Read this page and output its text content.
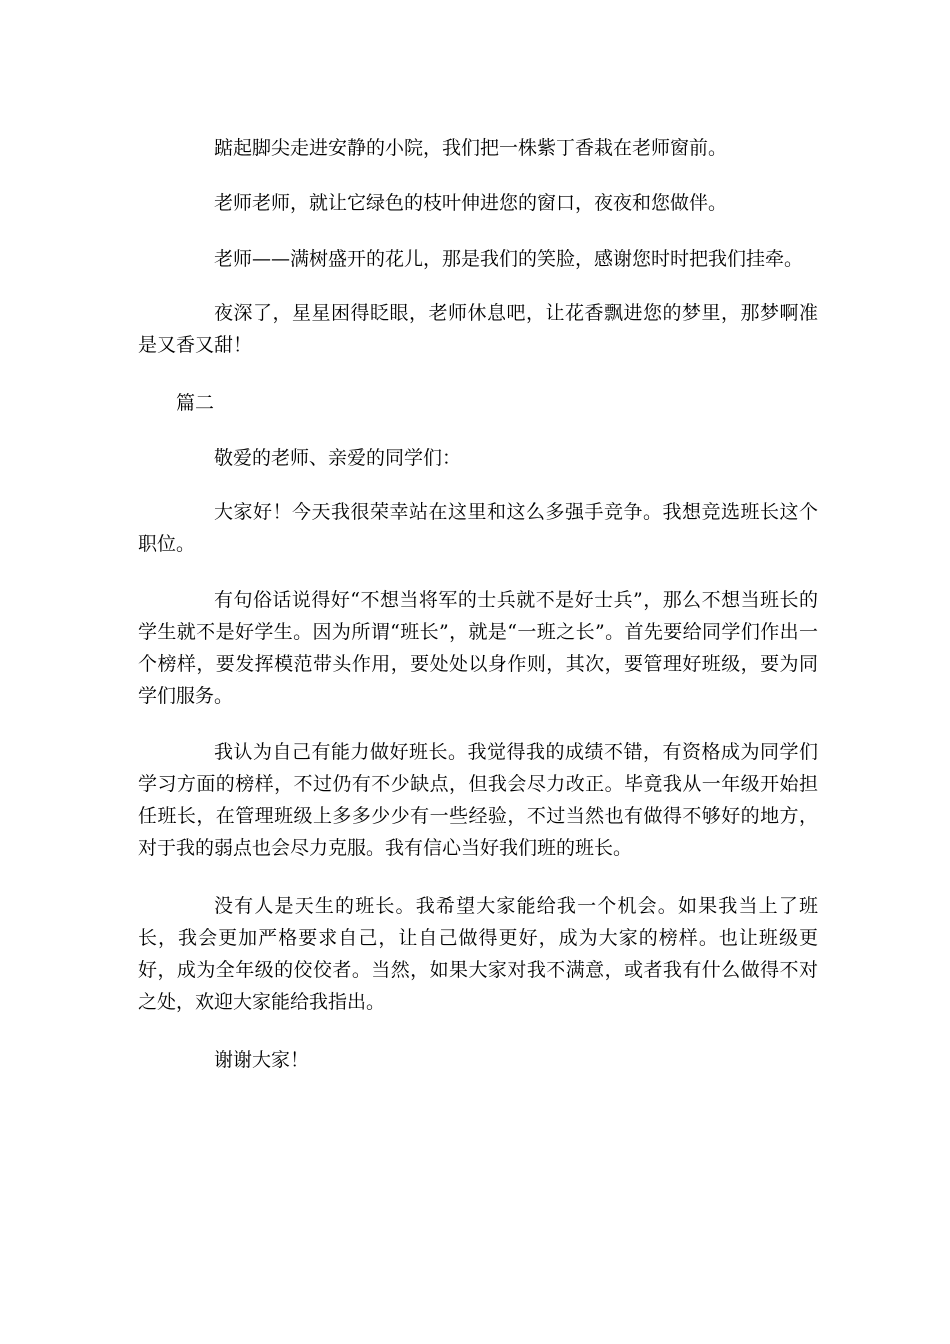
踮起脚尖走进安静的小院，我们把一株紫丁香栽在老师窗前。

老师老师，就让它绿色的枝叶伸进您的窗口，夜夜和您做伴。

老师——满树盛开的花儿，那是我们的笑脸，感谢您时时把我们挂牵。

夜深了，星星困得眨眼，老师休息吧，让花香飘进您的梦里，那梦啊准是又香又甜！

篇二

敬爱的老师、亲爱的同学们：

大家好！今天我很荣幸站在这里和这么多强手竞争。我想竞选班长这个职位。

有句俗话说得好“不想当将军的士兵就不是好士兵”，那么不想当班长的学生就不是好学生。因为所谓“班长”，就是“一班之长”。首先要给同学们作出一个榜样，要发挥模范带头作用，要处处以身作则，其次，要管理好班级，要为同学们服务。

我认为自己有能力做好班长。我觉得我的成绩不错，有资格成为同学们学习方面的榜样，不过仍有不少缺点，但我会尽力改正。毕竟我从一年级开始担任班长，在管理班级上多多少少有一些经验，不过当然也有做得不够好的地方，对于我的弱点也会尽力克服。我有信心当好我们班的班长。

没有人是天生的班长。我希望大家能给我一个机会。如果我当上了班长，我会更加严格要求自己，让自己做得更好，成为大家的榜样。也让班级更好，成为全年级的佼佼者。当然，如果大家对我不满意，或者我有什么做得不对之处，欢迎大家能给我指出。

谢谢大家！
